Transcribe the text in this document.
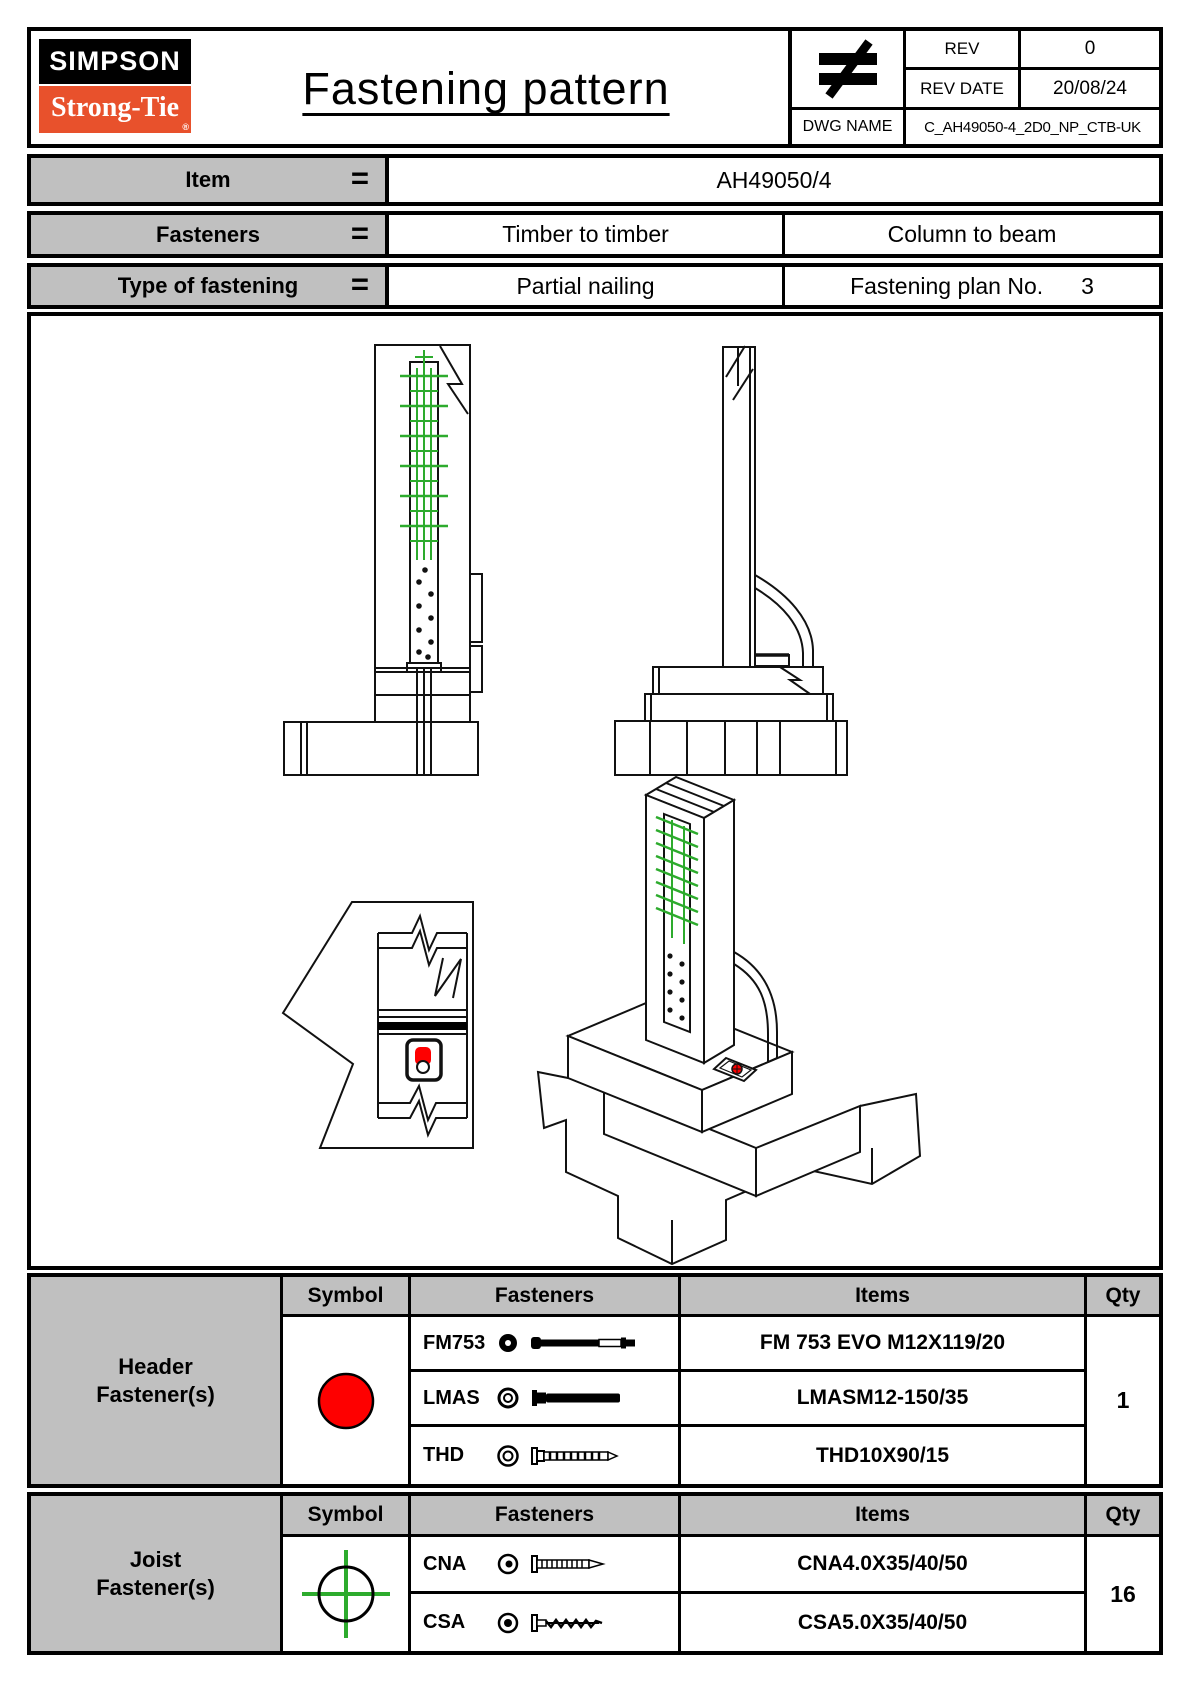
SIMPSON
Strong-Tie
®
Fastening pattern
REV	0
REV DATE	20/08/24
DWG NAME	C_AH49050-4_2D0_NP_CTB-UK
Item	=	AH49050/4
Fasteners	=	Timber to timber	Column to beam
Type of fastening =	Partial nailing	Fastening plan No. 3
Header
Fastener(s)
Symbol	Fasteners	Items	Qty
FM753	FM 753 EVO M12X119/20
LMAS	LMASM12-150/35
THD	THD10X90/15
1
Joist
Fastener(s)
Symbol	Fasteners	Items	Qty
CNA	CNA4.0X35/40/50
CSA	CSA5.0X35/40/50
16
